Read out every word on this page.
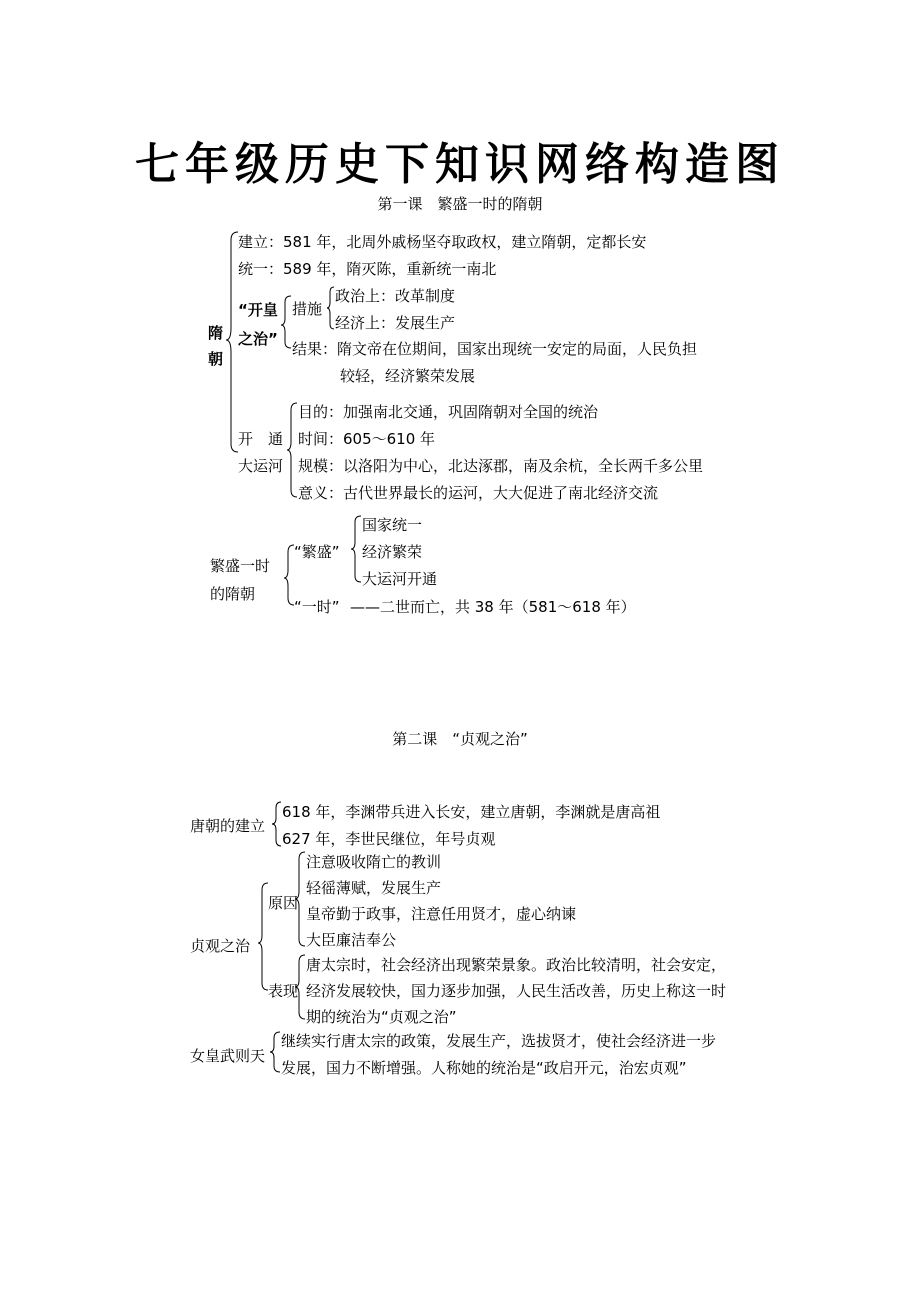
七年级历史下知识网络构造图
第一课　繁盛一时的隋朝
隋
朝
建立：581 年，北周外戚杨坚夺取政权，建立隋朝，定都长安
统一：589 年，隋灭陈，重新统一南北
“开皇
之治”
措施
政治上：改革制度
经济上：发展生产
结果：隋文帝在位期间，国家出现统一安定的局面，人民负担
较轻，经济繁荣发展
开　通
大运河
目的：加强南北交通，巩固隋朝对全国的统治
时间：605～610 年
规模：以洛阳为中心，北达涿郡，南及余杭，全长两千多公里
意义：古代世界最长的运河，大大促进了南北经济交流
繁盛一时
的隋朝
“繁盛”
国家统一
经济繁荣
大运河开通
“一时” ——二世而亡，共 38 年（581～618 年）
第二课　“贞观之治”
唐朝的建立
618 年，李渊带兵进入长安，建立唐朝，李渊就是唐高祖
627 年，李世民继位，年号贞观
贞观之治
原因
注意吸收隋亡的教训
轻徭薄赋，发展生产
皇帝勤于政事，注意任用贤才，虚心纳谏
大臣廉洁奉公
表现
唐太宗时，社会经济出现繁荣景象。政治比较清明，社会安定，
经济发展较快，国力逐步加强，人民生活改善，历史上称这一时
期的统治为“贞观之治”
女皇武则天
继续实行唐太宗的政策，发展生产，选拔贤才，使社会经济进一步
发展，国力不断增强。人称她的统治是“政启开元，治宏贞观”
